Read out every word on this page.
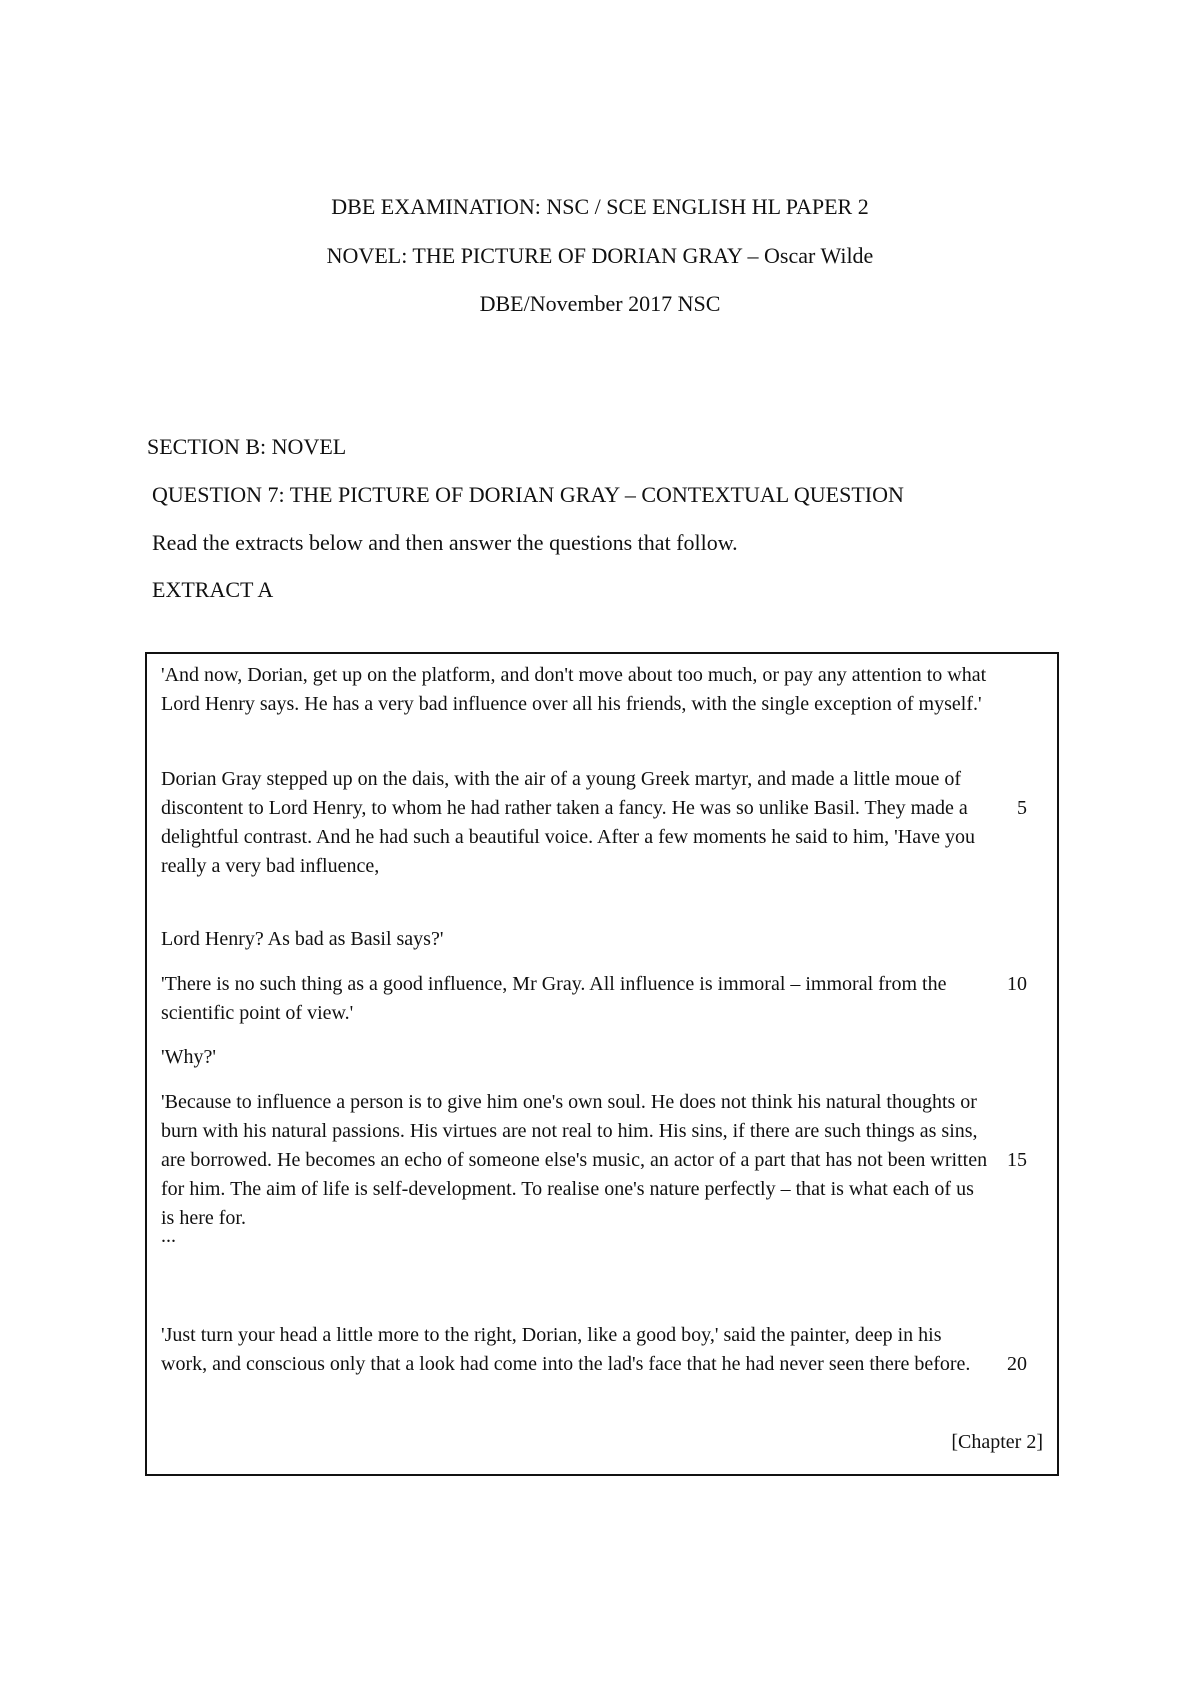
DBE EXAMINATION: NSC / SCE ENGLISH HL PAPER 2
NOVEL: THE PICTURE OF DORIAN GRAY – Oscar Wilde
DBE/November 2017 NSC
SECTION B: NOVEL
QUESTION 7: THE PICTURE OF DORIAN GRAY – CONTEXTUAL QUESTION
Read the extracts below and then answer the questions that follow.
EXTRACT A

'And now, Dorian, get up on the platform, and don't move about too much, or pay any attention to what Lord Henry says. He has a very bad influence over all his friends, with the single exception of myself.'

Dorian Gray stepped up on the dais, with the air of a young Greek martyr, and made a little moue of discontent to Lord Henry, to whom he had rather taken a fancy. He was so unlike Basil. They made a delightful contrast. And he had such a beautiful voice. After a few moments he said to him, 'Have you really a very bad influence,

Lord Henry? As bad as Basil says?'

'There is no such thing as a good influence, Mr Gray. All influence is immoral – immoral from the scientific point of view.'

'Why?'

'Because to influence a person is to give him one's own soul. He does not think his natural thoughts or burn with his natural passions. His virtues are not real to him. His sins, if there are such things as sins, are borrowed. He becomes an echo of someone else's music, an actor of a part that has not been written for him. The aim of life is self-development. To realise one's nature perfectly – that is what each of us is here for.

...

'Just turn your head a little more to the right, Dorian, like a good boy,' said the painter, deep in his work, and conscious only that a look had come into the lad's face that he had never seen there before.

5
10
15
20
[Chapter 2]
